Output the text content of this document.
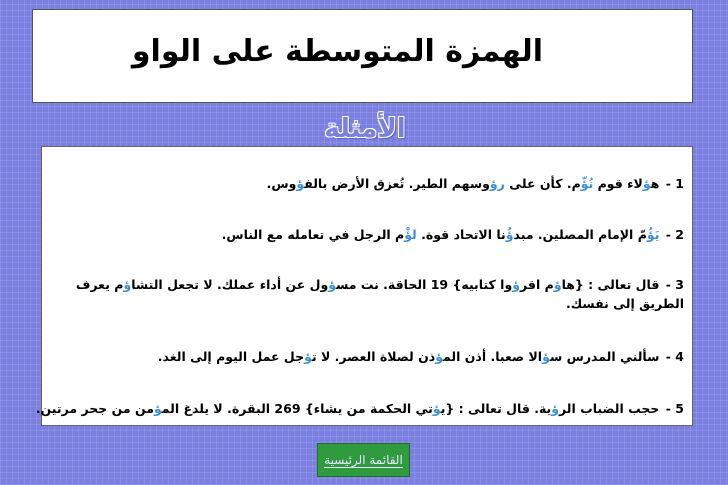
الهمزة المتوسطة على الواو
الأمثلة
1 - هؤلاء قوم نُؤّم. كأن على رؤوسهم الطير. تُعزق الأرض بالفؤوس.
2 - يَؤُمّ الإمام المصلين. مبدؤُنا الاتحاد قوة. لؤْم الرجل في تعامله مع الناس.
3 - قال تعالى : {هاؤم اقرؤوا كتابيه} 19 الحاقة. نت مسؤول عن أداء عملك. لا تجعل التشاؤم يعرف الطريق إلى نفسك.
4 - سألني المدرس سؤالا صعبا. أذن المؤذن لصلاة العصر. لا تؤجل عمل اليوم إلى الغد.
5 - حجب الضباب الرؤية. قال تعالى : {يؤتي الحكمة من يشاء} 269 البقرة. لا يلدغ المؤمن من جحر مرتين.
القائمة الرئيسية
